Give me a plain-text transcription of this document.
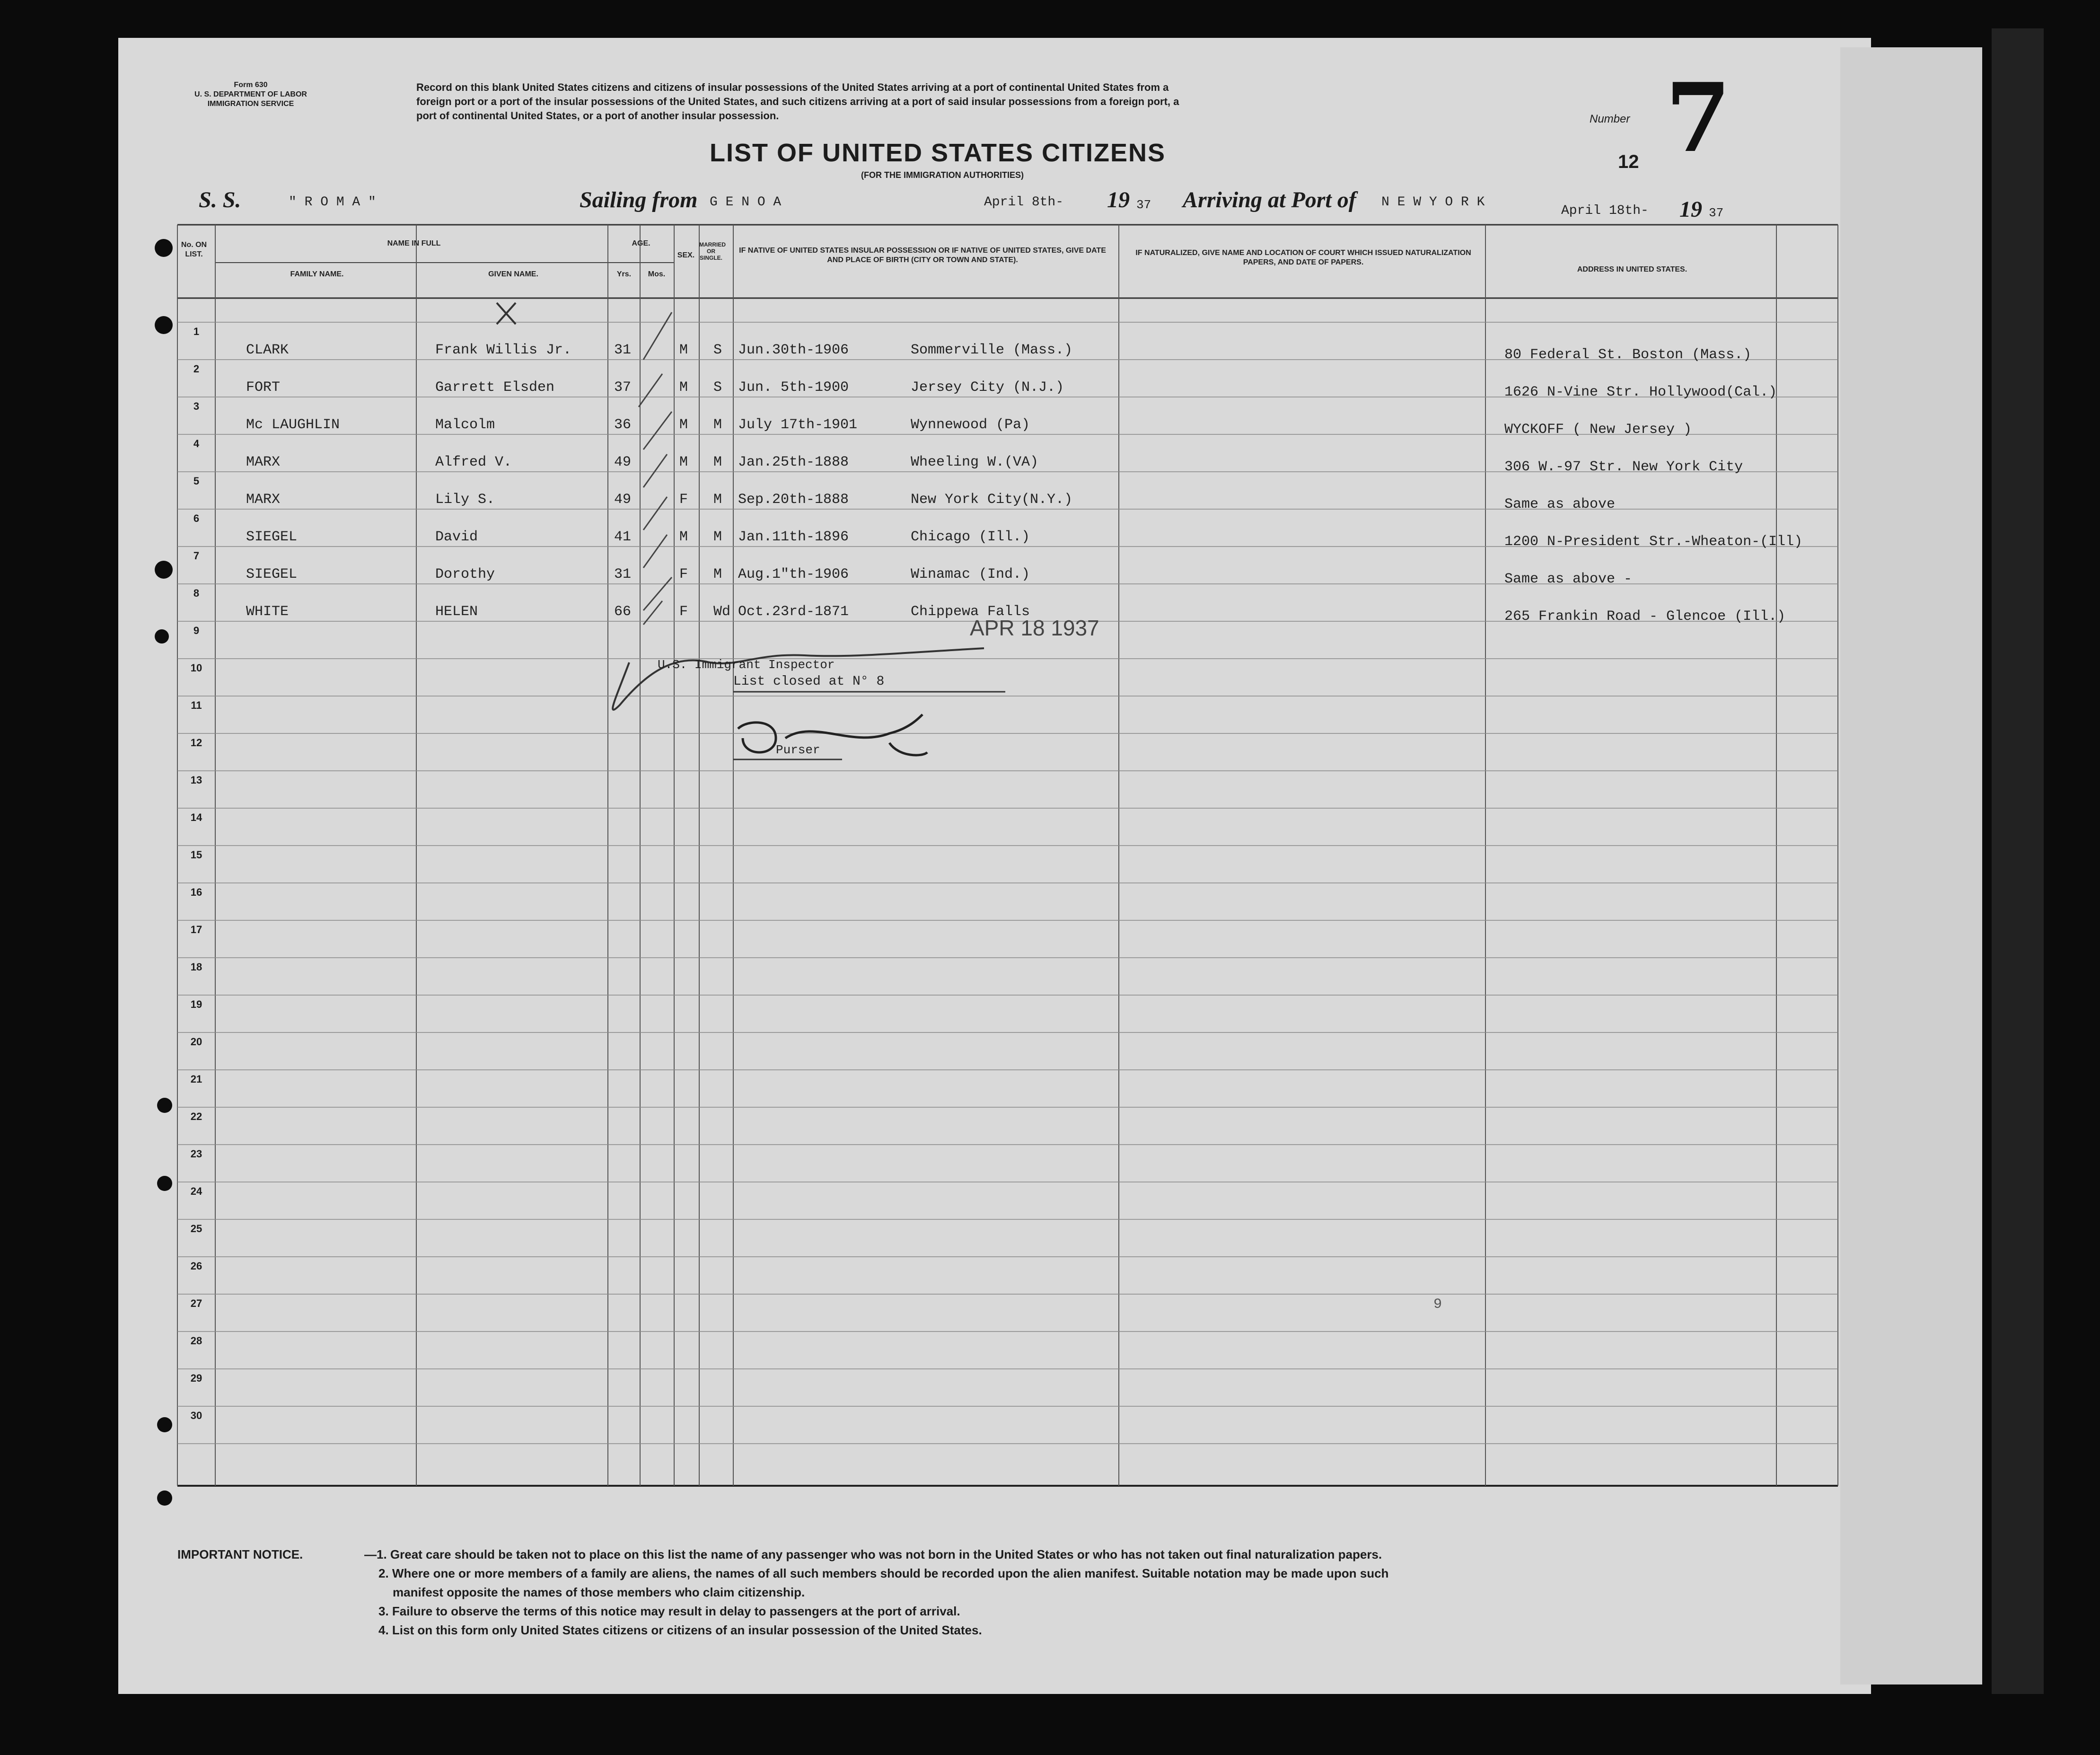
Form 630
U. S. DEPARTMENT OF LABOR
IMMIGRATION SERVICE
Record on this blank United States citizens and citizens of insular possessions of the United States arriving at a port of continental United States from a
foreign port or a port of the insular possessions of the United States, and such citizens arriving at a port of said insular possessions from a foreign port, a
port of continental United States, or a port of another insular possession.	Number 7
12
LIST OF UNITED STATES CITIZENS
(FOR THE IMMIGRATION AUTHORITIES)
S. S.	" R O M A "	Sailing from G E N O A	April 8th- 19 37 Arriving at Port of N E W Y O R K
April 18th- 19 37
No. ON LIST.
NAME IN FULL
FAMILY NAME.	GIVEN NAME.
AGE.
Yrs.	Mos.
SEX.
MARRIED OR SINGLE.
IF NATIVE OF UNITED STATES INSULAR POSSESSION OR IF NATIVE OF UNITED STATES, GIVE DATE AND PLACE OF BIRTH (CITY OR TOWN AND STATE).
IF NATURALIZED, GIVE NAME AND LOCATION OF COURT WHICH ISSUED NATURALIZATION PAPERS, AND DATE OF PAPERS.
ADDRESS IN UNITED STATES.
1
2
3
4
5
6
7
8
9
10
11
12
13
14
15
16
17
18
19
20
21
22
23
24
25
26
27
28
29
30
CLARK	Frank Willis Jr.	31	M S Jun.30th-1906	Sommerville (Mass.)	80 Federal St. Boston (Mass.)
FORT	Garrett Elsden	37	M S Jun. 5th-1900	Jersey City (N.J.)	1626 N-Vine Str. Hollywood(Cal.)
Mc LAUGHLIN	Malcolm	36	M M July 17th-1901	Wynnewood (Pa)	WYCKOFF ( New Jersey )
MARX	Alfred V.	49	M M Jan.25th-1888	Wheeling W.(VA)	306 W.-97 Str. New York City
MARX	Lily S.	49	F M Sep.20th-1888	New York City(N.Y.)	Same as above
SIEGEL	David	41	M M Jan.11th-1896	Chicago (Ill.)	1200 N-President Str.-Wheaton-(Ill)
SIEGEL	Dorothy	31	F M Aug.1"th-1906	Winamac (Ind.)	Same as above -
WHITE	HELEN	66	F Wd Oct.23rd-1871	Chippewa Falls	265 Frankin Road - Glencoe (Ill.)
APR 18 1937
U.S. Immigrant Inspector
List closed at N° 8
Purser
9
IMPORTANT NOTICE.	—1. Great care should be taken not to place on this list the name of any passenger who was not born in the United States or who has not taken out final naturalization papers.
2. Where one or more members of a family are aliens, the names of all such members should be recorded upon the alien manifest. Suitable notation may be made upon such
manifest opposite the names of those members who claim citizenship.
3. Failure to observe the terms of this notice may result in delay to passengers at the port of arrival.
4. List on this form only United States citizens or citizens of an insular possession of the United States.
